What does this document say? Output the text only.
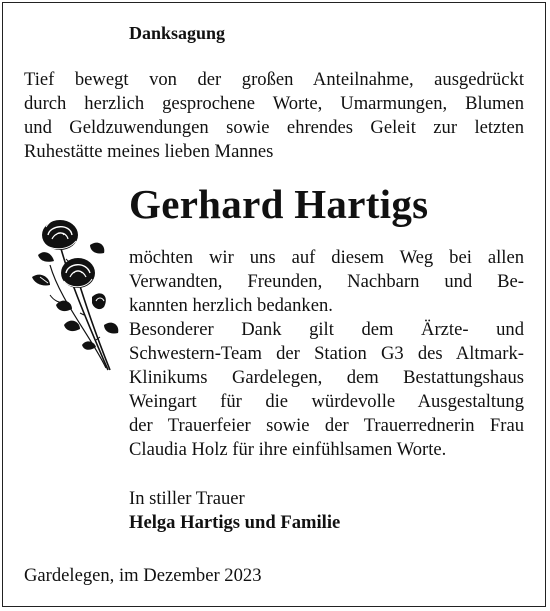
Danksagung
Tief bewegt von der großen Anteilnahme, ausgedrückt
durch herzlich gesprochene Worte, Umarmungen, Blumen
und Geldzuwendungen sowie ehrendes Geleit zur letzten
Ruhestätte meines lieben Mannes
Gerhard Hartigs
möchten wir uns auf diesem Weg bei allen
Verwandten, Freunden, Nachbarn und Be-
kannten herzlich bedanken.
Besonderer Dank gilt dem Ärzte- und
Schwestern-Team der Station G3 des Altmark-
Klinikums Gardelegen, dem Bestattungshaus
Weingart für die würdevolle Ausgestaltung
der Trauerfeier sowie der Trauerrednerin Frau
Claudia Holz für ihre einfühlsamen Worte.
In stiller Trauer
Helga Hartigs und Familie
Gardelegen, im Dezember 2023
